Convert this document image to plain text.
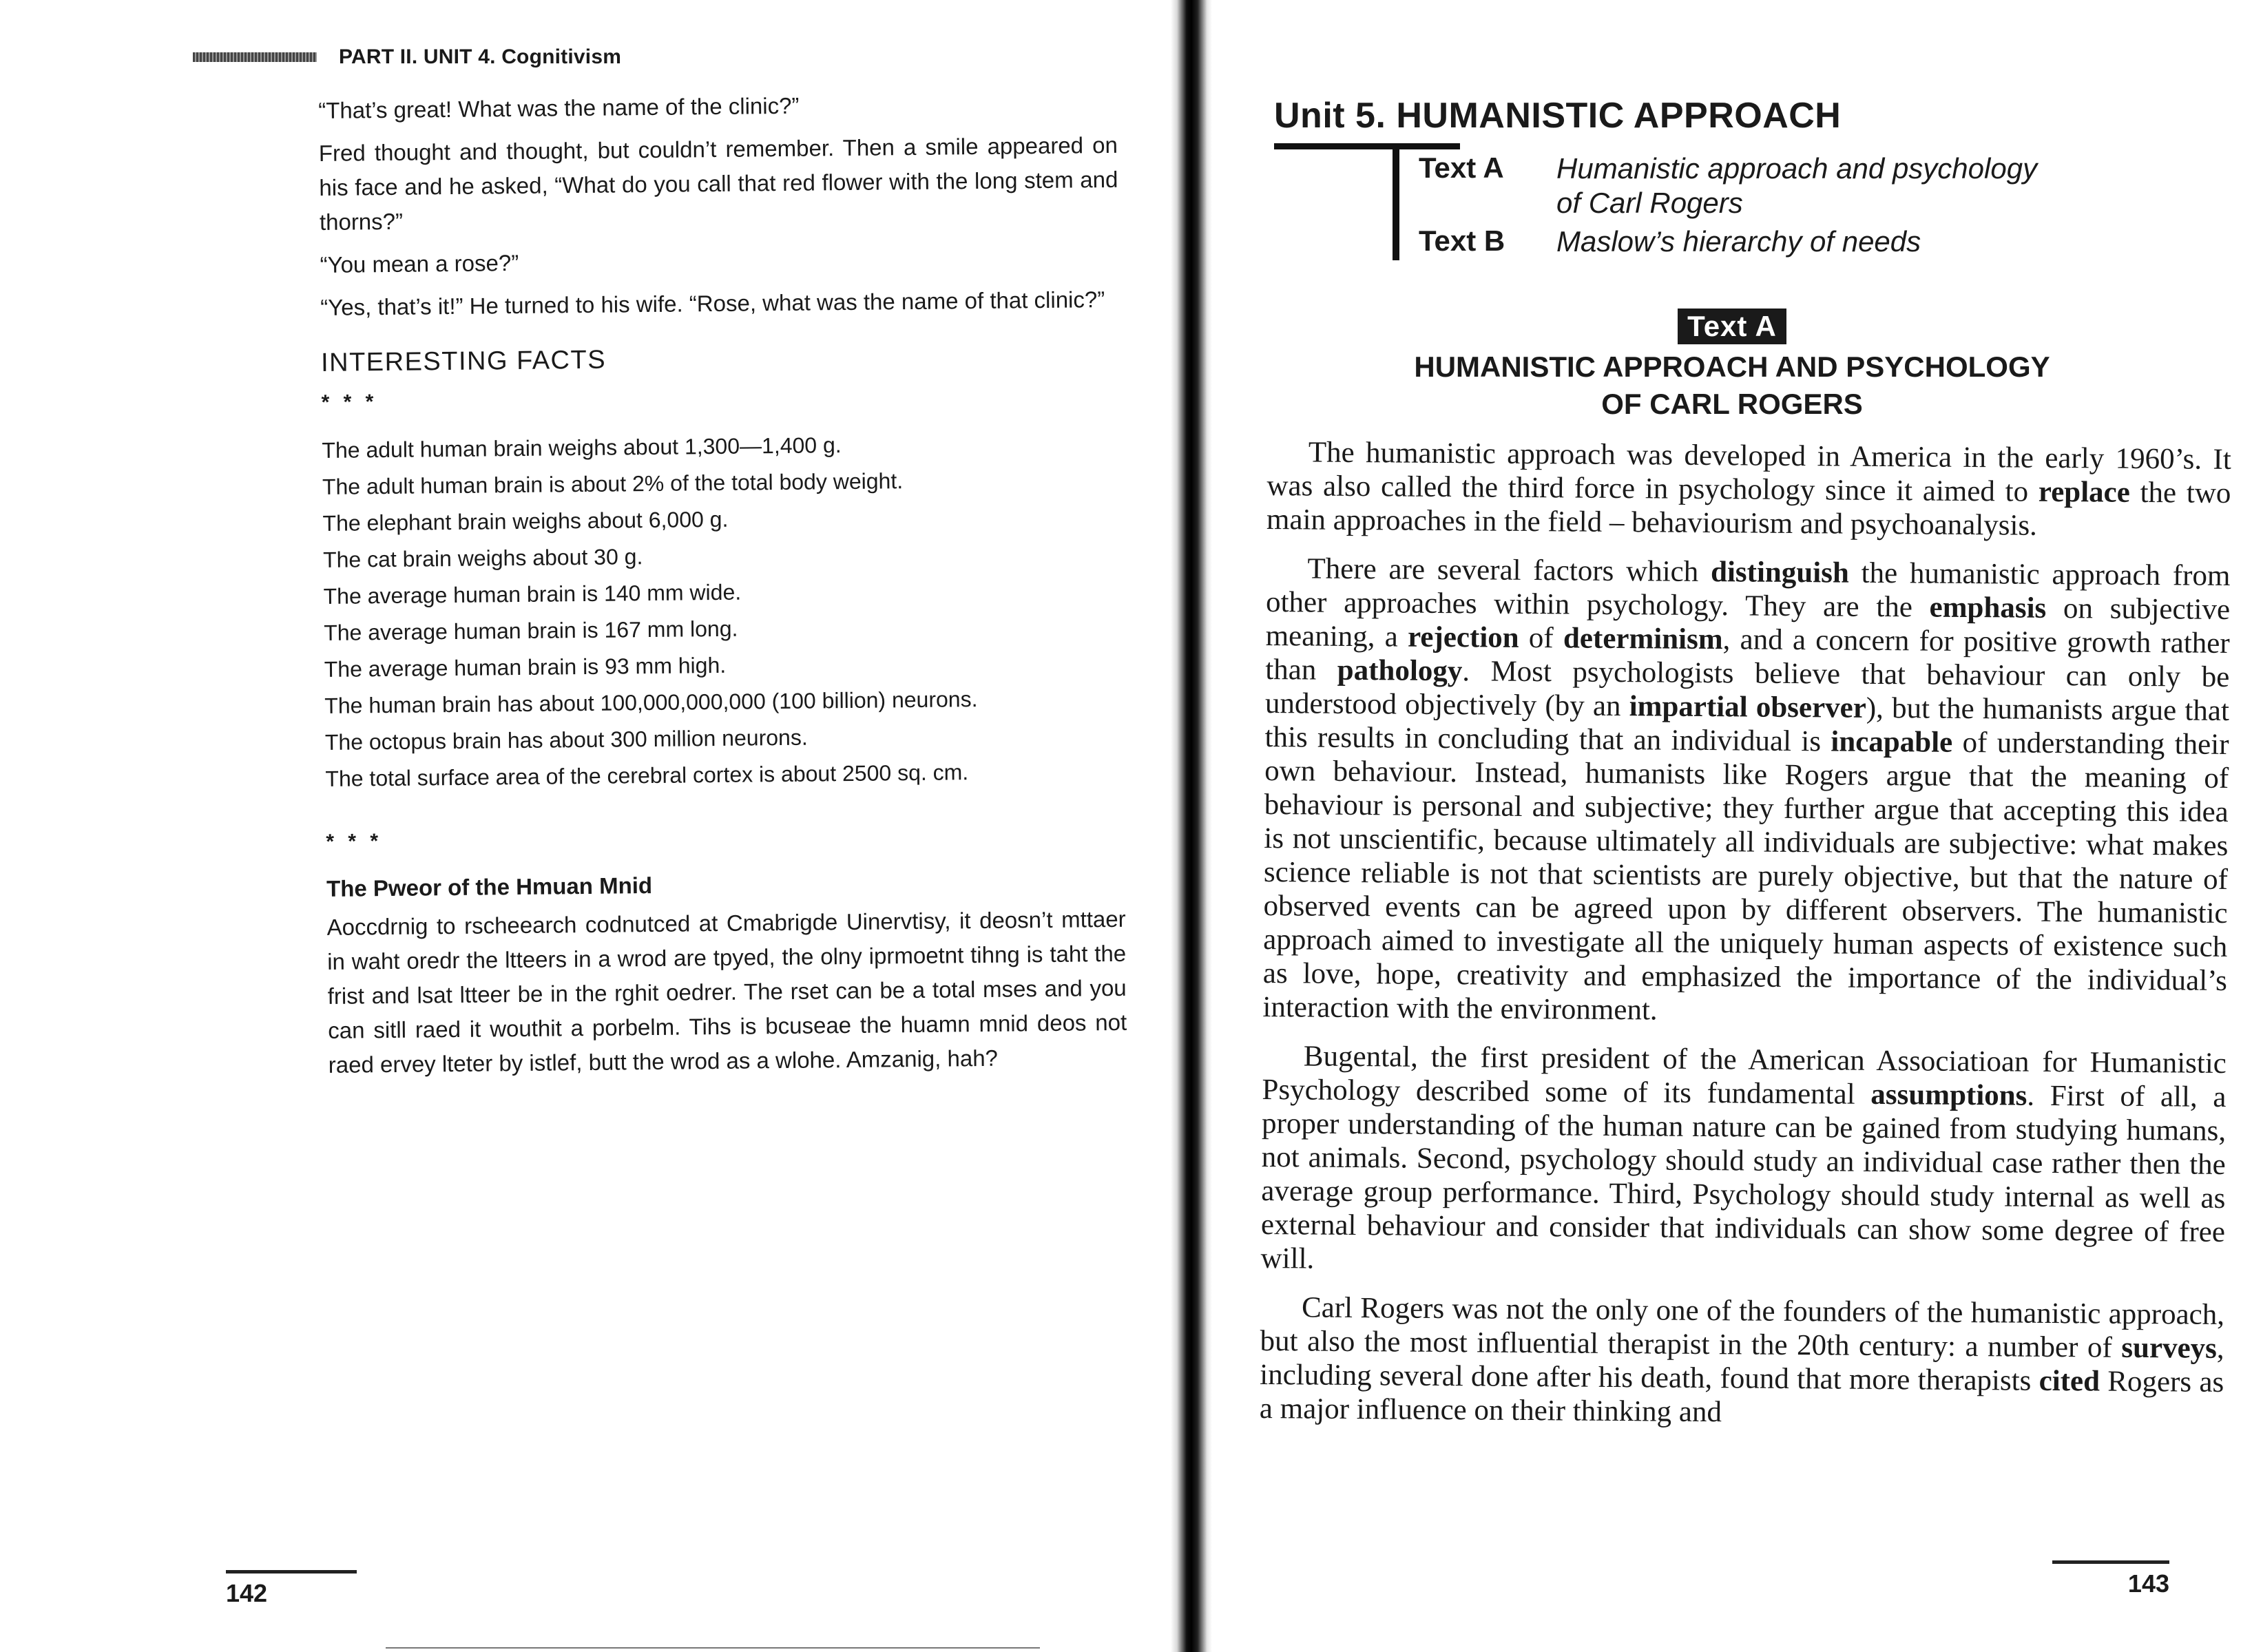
PART II. UNIT 4. Cognitivism

“That’s great! What was the name of the clinic?”

Fred thought and thought, but couldn’t remember. Then a smile appeared on his face and he asked, “What do you call that red flower with the long stem and thorns?”

“You mean a rose?”

“Yes, that’s it!” He turned to his wife. “Rose, what was the name of that clinic?”

INTERESTING FACTS
* * *
The adult human brain weighs about 1,300—1,400 g.
The adult human brain is about 2% of the total body weight.
The elephant brain weighs about 6,000 g.
The cat brain weighs about 30 g.
The average human brain is 140 mm wide.
The average human brain is 167 mm long.
The average human brain is 93 mm high.
The human brain has about 100,000,000,000 (100 billion) neurons.
The octopus brain has about 300 million neurons.
The total surface area of the cerebral cortex is about 2500 sq. cm.
* * *
The Pweor of the Hmuan Mnid

Aoccdrnig to rscheearch codnutced at Cmabrigde Uinervtisy, it deosn’t mttaer in waht oredr the ltteers in a wrod are tpyed, the olny iprmoetnt tihng is taht the frist and lsat ltteer be in the rghit oedrer. The rset can be a total mses and you can sitll raed it wouthit a porbelm. Tihs is bcuseae the huamn mnid deos not raed ervey lteter by istlef, butt the wrod as a wlohe. Amzanig, hah?

142
Unit 5. HUMANISTIC APPROACH
Text A	Humanistic approach and psychology
of Carl Rogers
Text B	Maslow’s hierarchy of needs
Text A
HUMANISTIC APPROACH AND PSYCHOLOGY
OF CARL ROGERS

The humanistic approach was developed in America in the early 1960’s. It was also called the third force in psychology since it aimed to replace the two main approaches in the field – behaviourism and psychoanalysis.

There are several factors which distinguish the humanistic approach from other approaches within psychology. They are the emphasis on subjective meaning, a rejection of determinism, and a concern for positive growth rather than pathology. Most psychologists believe that behaviour can only be understood objectively (by an impartial observer), but the humanists argue that this results in concluding that an individual is incapable of understanding their own behaviour. Instead, humanists like Rogers argue that the meaning of behaviour is personal and subjective; they further argue that accepting this idea is not unscientific, because ultimately all individuals are subjective: what makes science reliable is not that scientists are purely objective, but that the nature of observed events can be agreed upon by different observers. The humanistic approach aimed to investigate all the uniquely human aspects of existence such as love, hope, creativity and emphasized the importance of the individual’s interaction with the environment.

Bugental, the first president of the American Associatioan for Humanistic Psychology described some of its fundamental assumptions. First of all, a proper understanding of the human nature can be gained from studying humans, not animals. Second, psychology should study an individual case rather then the average group performance. Third, Psychology should study internal as well as external behaviour and consider that individuals can show some degree of free will.

Carl Rogers was not the only one of the founders of the humanistic approach, but also the most influential therapist in the 20th century: a number of surveys, including several done after his death, found that more therapists cited Rogers as a major influence on their thinking and

143
